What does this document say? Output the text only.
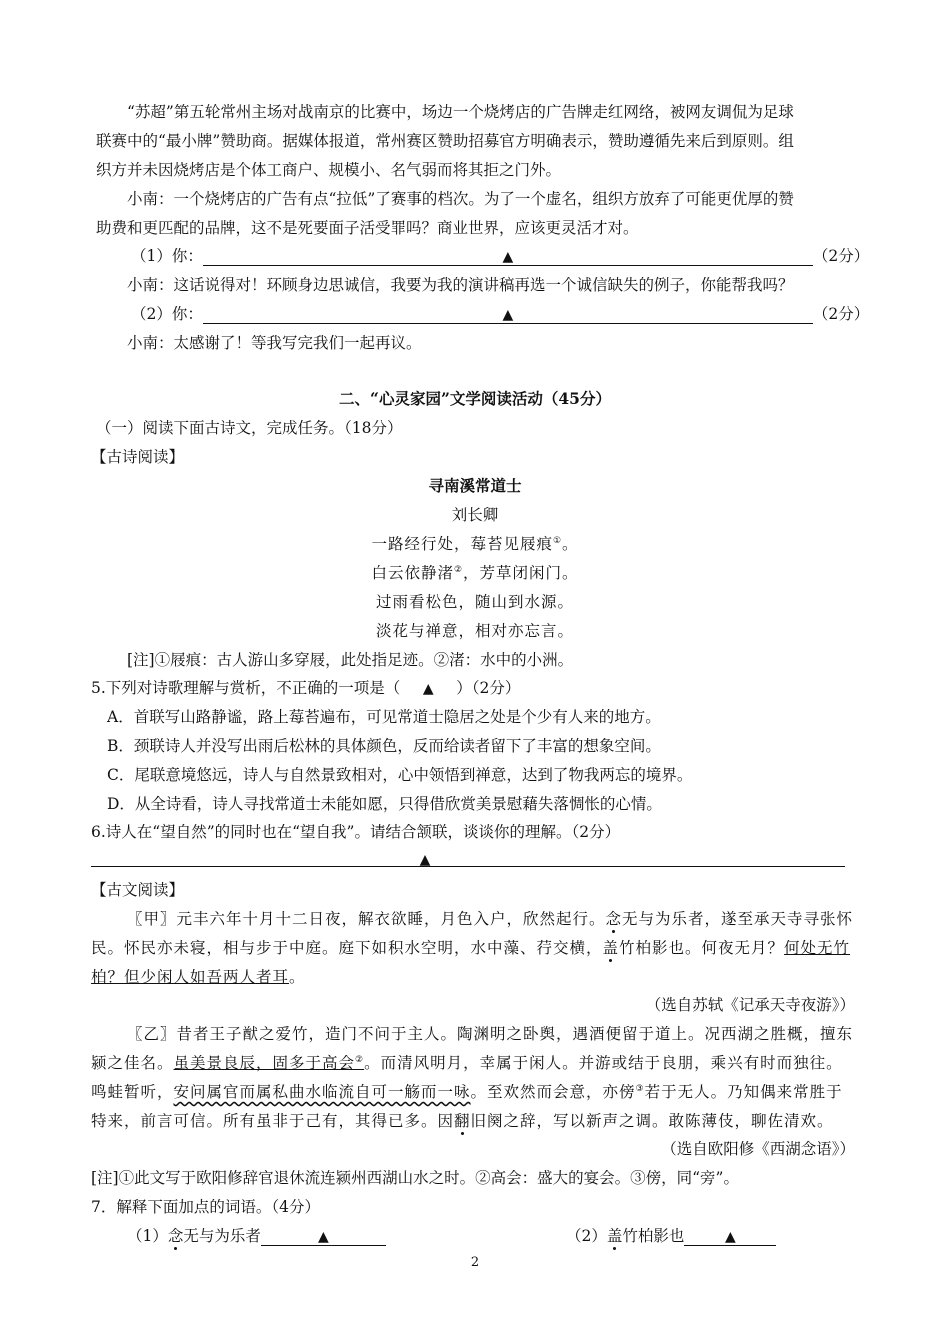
“苏超”第五轮常州主场对战南京的比赛中，场边一个烧烤店的广告牌走红网络，被网友调侃为足球
联赛中的“最小牌”赞助商。据媒体报道，常州赛区赞助招募官方明确表示，赞助遵循先来后到原则。组
织方并未因烧烤店是个体工商户、规模小、名气弱而将其拒之门外。
小南：一个烧烤店的广告有点“拉低”了赛事的档次。为了一个虚名，组织方放弃了可能更优厚的赞
助费和更匹配的品牌，这不是死要面子活受罪吗？商业世界，应该更灵活才对。
（1）你：	▲	（2分）
小南：这话说得对！环顾身边思诚信，我要为我的演讲稿再选一个诚信缺失的例子，你能帮我吗？
（2）你：	▲	（2分）
小南：太感谢了！等我写完我们一起再议。
二、“心灵家园”文学阅读活动（45分）
（一）阅读下面古诗文，完成任务。（18分）
【古诗阅读】
寻南溪常道士
刘长卿
一路经行处，莓苔见屐痕①。
白云依静渚②，芳草闭闲门。
过雨看松色，随山到水源。
淡花与禅意，相对亦忘言。
[注]①屐痕：古人游山多穿屐，此处指足迹。②渚：水中的小洲。
5.下列对诗歌理解与赏析，不正确的一项是（ ▲ ）（2分）
A．首联写山路静谧，路上莓苔遍布，可见常道士隐居之处是个少有人来的地方。
B．颈联诗人并没写出雨后松林的具体颜色，反而给读者留下了丰富的想象空间。
C．尾联意境悠远，诗人与自然景致相对，心中领悟到禅意，达到了物我两忘的境界。
D．从全诗看，诗人寻找常道士未能如愿，只得借欣赏美景慰藉失落惆怅的心情。
6.诗人在“望自然”的同时也在“望自我”。请结合颔联，谈谈你的理解。（2分）
▲
【古文阅读】
〖甲〗元丰六年十月十二日夜，解衣欲睡，月色入户，欣然起行。念无与为乐者，遂至承天寺寻张怀
民。怀民亦未寝，相与步于中庭。庭下如积水空明，水中藻、荇交横，盖竹柏影也。何夜无月？何处无竹
柏？但少闲人如吾两人者耳。
（选自苏轼《记承天寺夜游》）
〖乙〗昔者王子猷之爱竹，造门不问于主人。陶渊明之卧舆，遇酒便留于道上。况西湖之胜概，擅东
颍之佳名。虽美景良辰，固多于高会②。而清风明月，幸属于闲人。并游或结于良朋，乘兴有时而独往。
鸣蛙暂听，安问属官而属私曲水临流自可一觞而一咏。至欢然而会意，亦傍③若于无人。乃知偶来常胜于
特来，前言可信。所有虽非于己有，其得已多。因翻旧阕之辞，写以新声之调。敢陈薄伎，聊佐清欢。
（选自欧阳修《西湖念语》）
[注]①此文写于欧阳修辞官退休流连颍州西湖山水之时。②高会：盛大的宴会。③傍，同“旁”。
7．解释下面加点的词语。（4分）
（1）念无与为乐者	▲	（2）盖竹柏影也	▲
2
